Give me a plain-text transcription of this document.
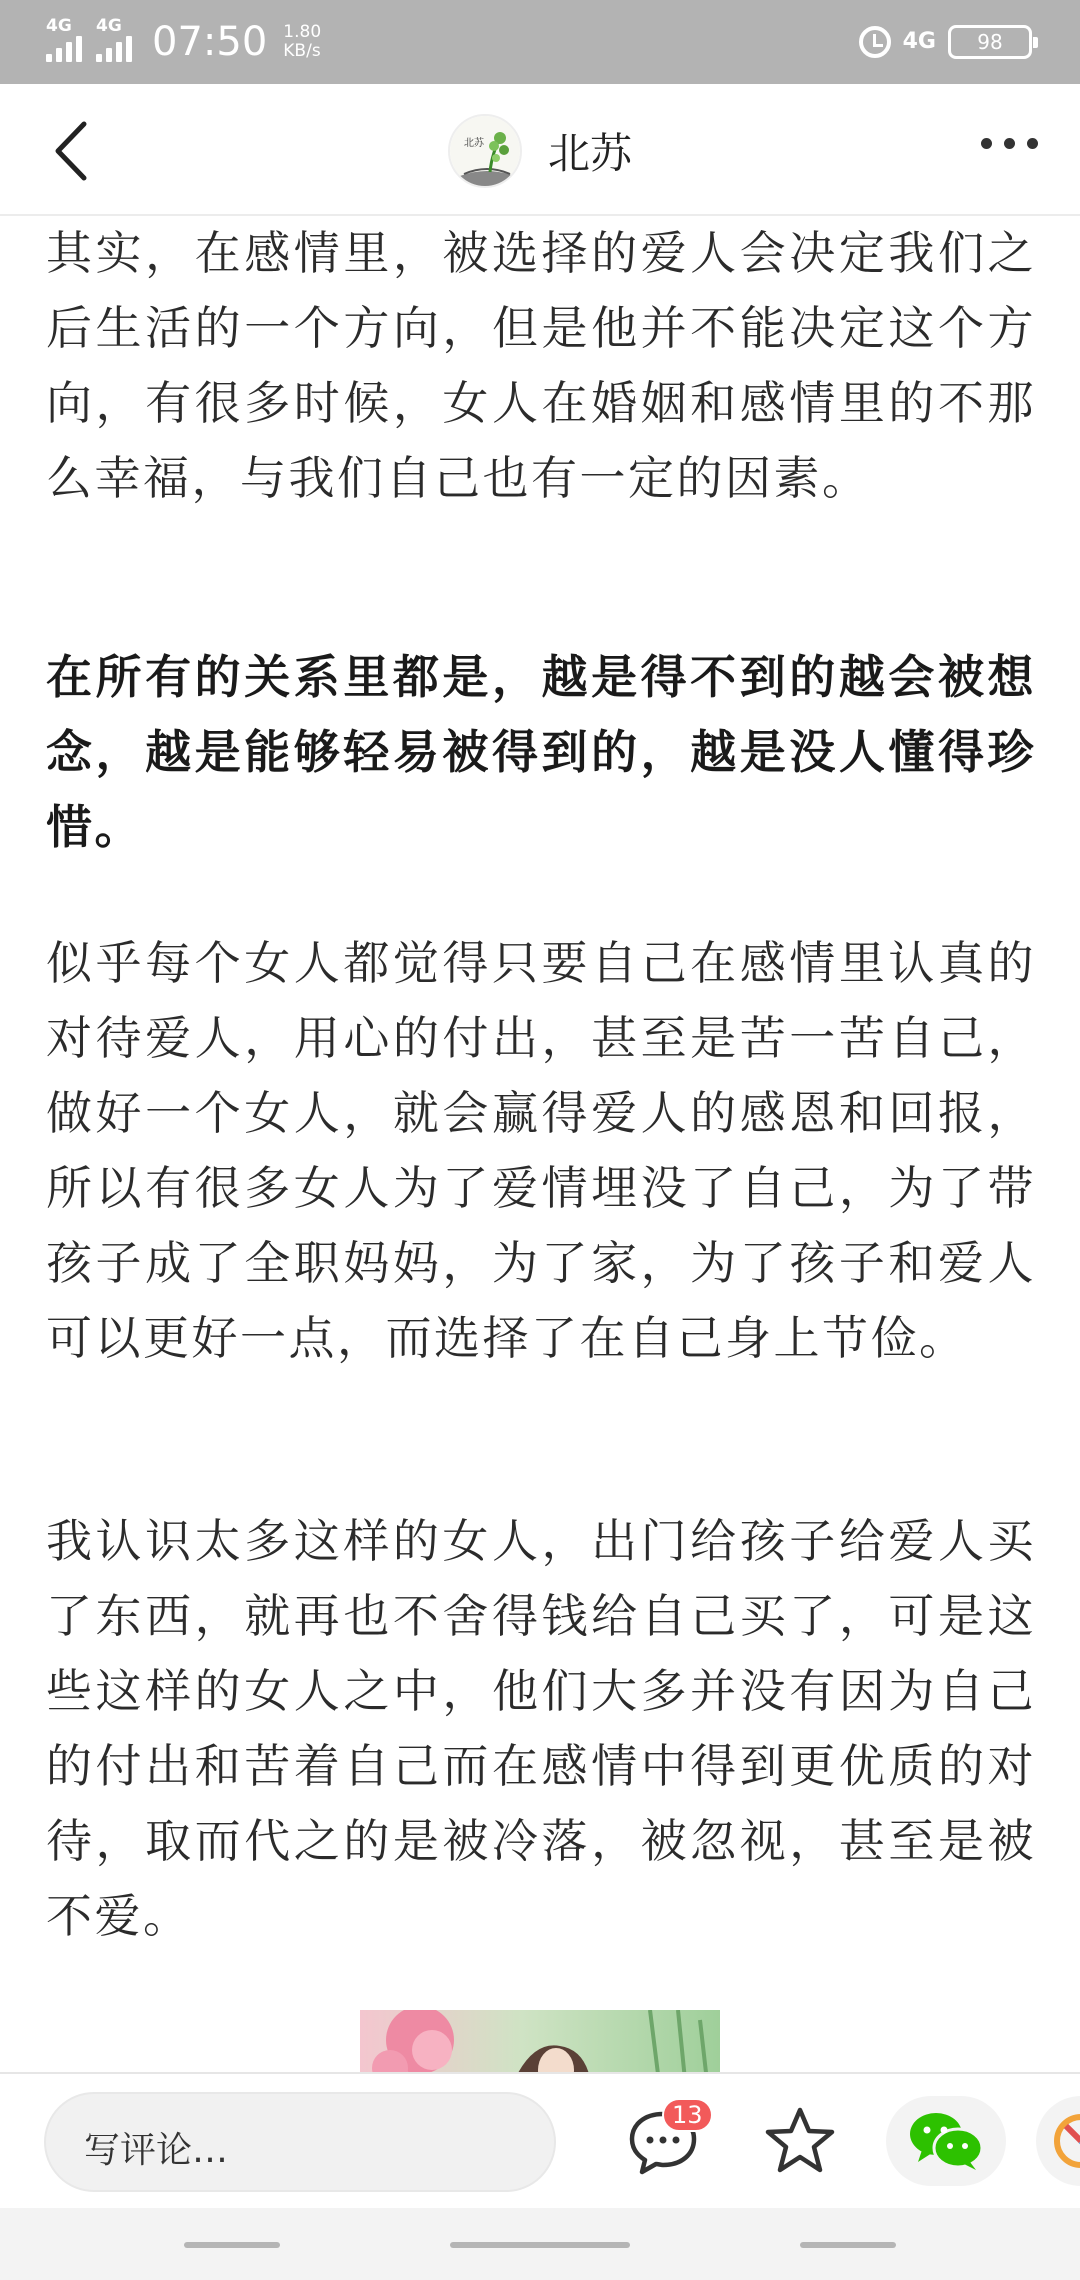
4G 4G 07:50 1.80
KB/s	4G 98
北苏 北苏

其实，在感情里，被选择的爱人会决定我们之后生活的一个方向，但是他并不能决定这个方向，有很多时候，女人在婚姻和感情里的不那么幸福，与我们自己也有一定的因素。

在所有的关系里都是，越是得不到的越会被想念，越是能够轻易被得到的，越是没人懂得珍惜。

似乎每个女人都觉得只要自己在感情里认真的对待爱人，用心的付出，甚至是苦一苦自己，做好一个女人，就会赢得爱人的感恩和回报，所以有很多女人为了爱情埋没了自己，为了带孩子成了全职妈妈，为了家，为了孩子和爱人可以更好一点，而选择了在自己身上节俭。

我认识太多这样的女人，出门给孩子给爱人买了东西，就再也不舍得钱给自己买了，可是这些这样的女人之中，他们大多并没有因为自己的付出和苦着自己而在感情中得到更优质的对待，取而代之的是被冷落，被忽视，甚至是被不爱。

写评论…
13
